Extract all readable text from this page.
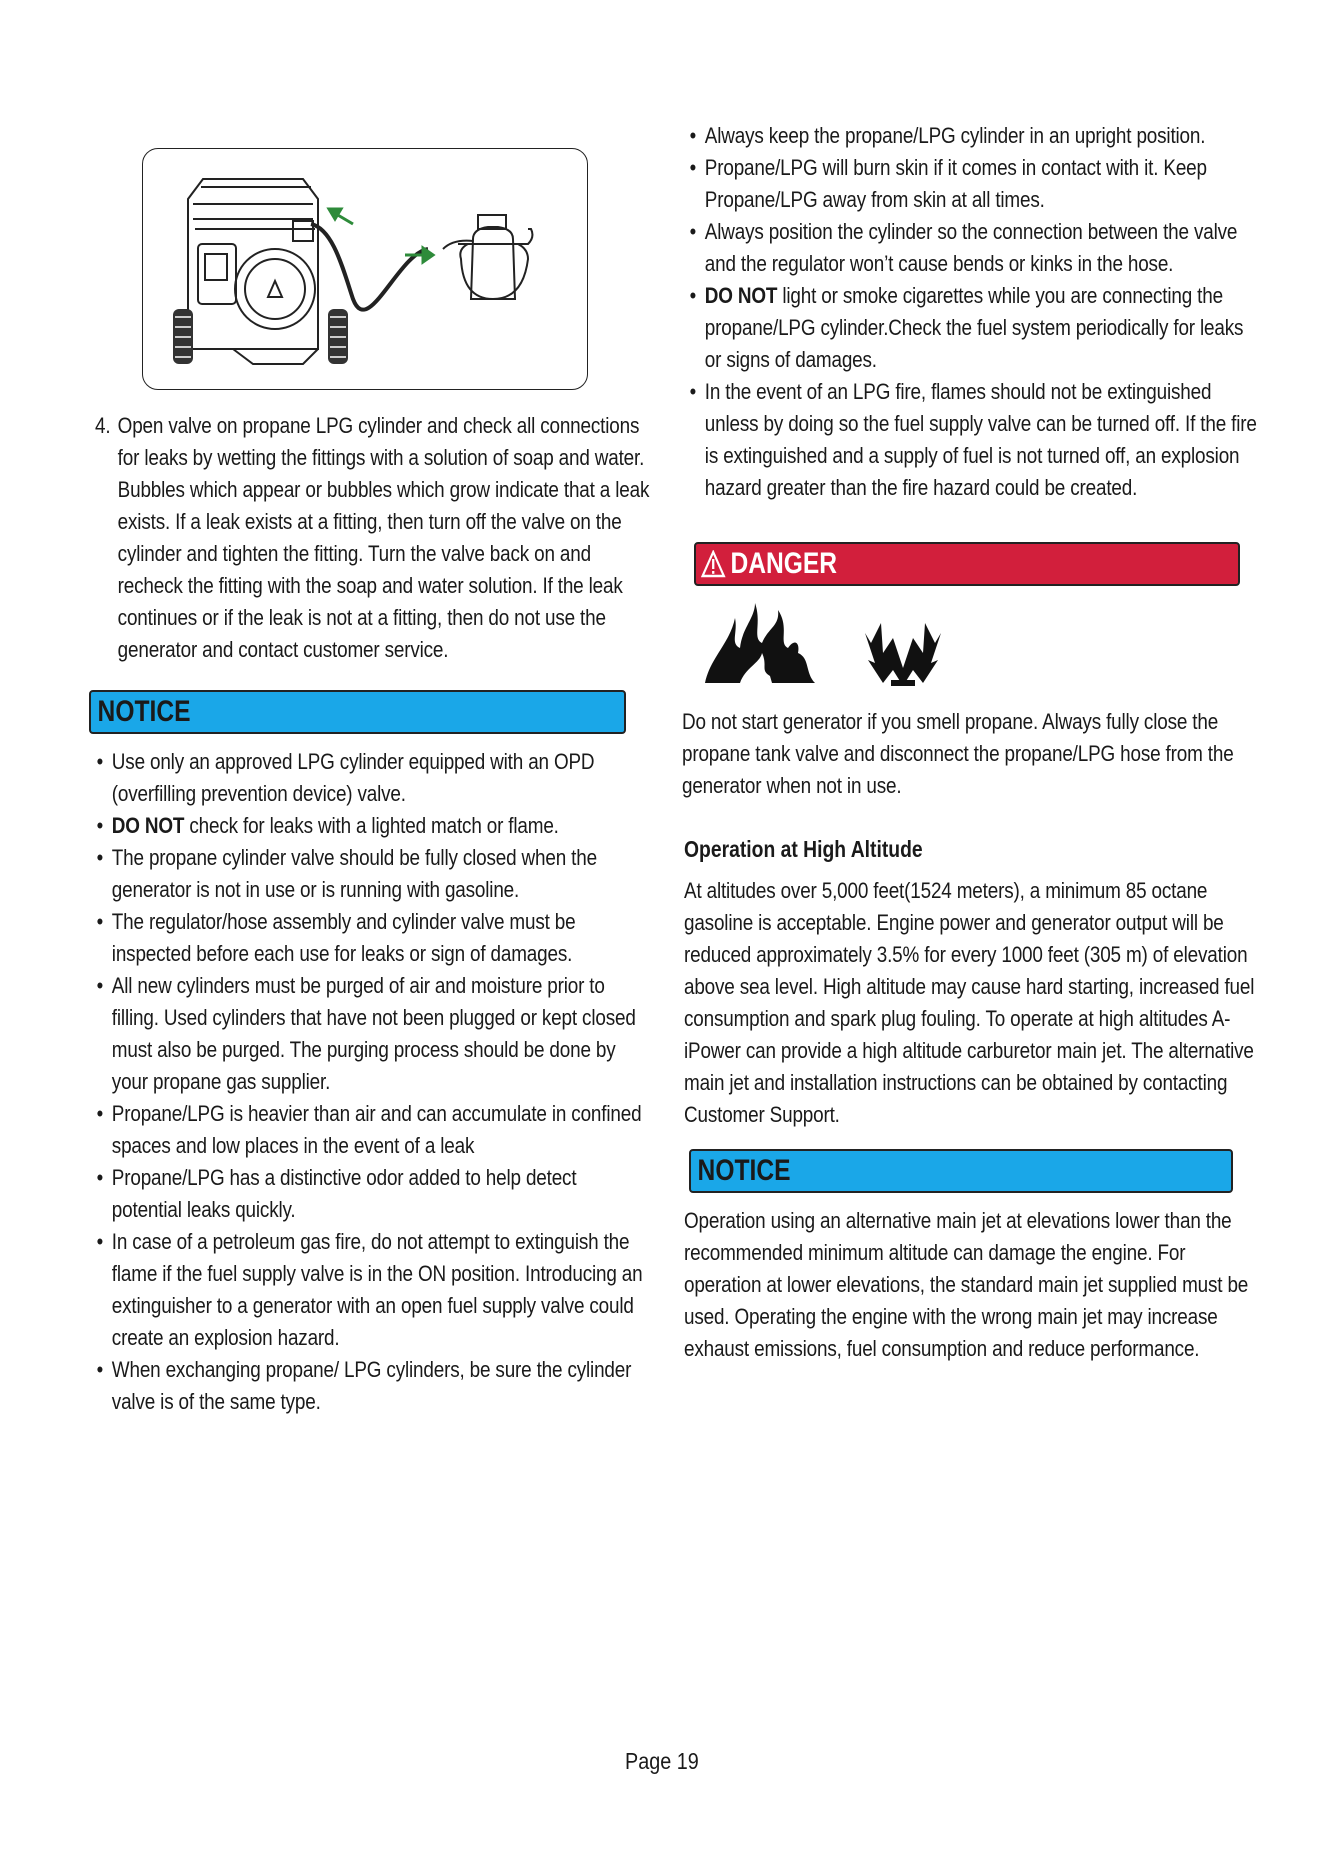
4. Open valve on propane LPG cylinder and check all connections for leaks by wetting the fittings with a solution of soap and water. Bubbles which appear or bubbles which grow indicate that a leak exists. If a leak exists at a fitting, then turn off the valve on the cylinder and tighten the fitting. Turn the valve back on and recheck the fitting with the soap and water solution. If the leak continues or if the leak is not at a fitting, then do not use the generator and contact customer service.
NOTICE
• Use only an approved LPG cylinder equipped with an OPD (overfilling prevention device) valve.
• DO NOT check for leaks with a lighted match or flame.
• The propane cylinder valve should be fully closed when the generator is not in use or is running with gasoline.
• The regulator/hose assembly and cylinder valve must be inspected before each use for leaks or sign of damages.
• All new cylinders must be purged of air and moisture prior to filling. Used cylinders that have not been plugged or kept closed must also be purged. The purging process should be done by your propane gas supplier.
• Propane/LPG is heavier than air and can accumulate in confined spaces and low places in the event of a leak
• Propane/LPG has a distinctive odor added to help detect potential leaks quickly.
• In case of a petroleum gas fire, do not attempt to extinguish the flame if the fuel supply valve is in the ON position. Introducing an extinguisher to a generator with an open fuel supply valve could create an explosion hazard.
• When exchanging propane/ LPG cylinders, be sure the cylinder valve is of the same type.
• Always keep the propane/LPG cylinder in an upright position.
• Propane/LPG will burn skin if it comes in contact with it. Keep Propane/LPG away from skin at all times.
• Always position the cylinder so the connection between the valve and the regulator won’t cause bends or kinks in the hose.
• DO NOT light or smoke cigarettes while you are connecting the propane/LPG cylinder.Check the fuel system periodically for leaks or signs of damages.
• In the event of an LPG fire, flames should not be extinguished unless by doing so the fuel supply valve can be turned off. If the fire is extinguished and a supply of fuel is not turned off, an explosion hazard greater than the fire hazard could be created.
DANGER
Do not start generator if you smell propane. Always fully close the propane tank valve and disconnect the propane/LPG hose from the generator when not in use.
Operation at High Altitude
At altitudes over 5,000 feet(1524 meters), a minimum 85 octane gasoline is acceptable. Engine power and generator output will be reduced approximately 3.5% for every 1000 feet (305 m) of elevation above sea level. High altitude may cause hard starting, increased fuel consumption and spark plug fouling. To operate at high altitudes A-iPower can provide a high altitude carburetor main jet. The alternative main jet and installation instructions can be obtained by contacting Customer Support.
NOTICE
Operation using an alternative main jet at elevations lower than the recommended minimum altitude can damage the engine. For operation at lower elevations, the standard main jet supplied must be used. Operating the engine with the wrong main jet may increase exhaust emissions, fuel consumption and reduce performance.
Page 19
